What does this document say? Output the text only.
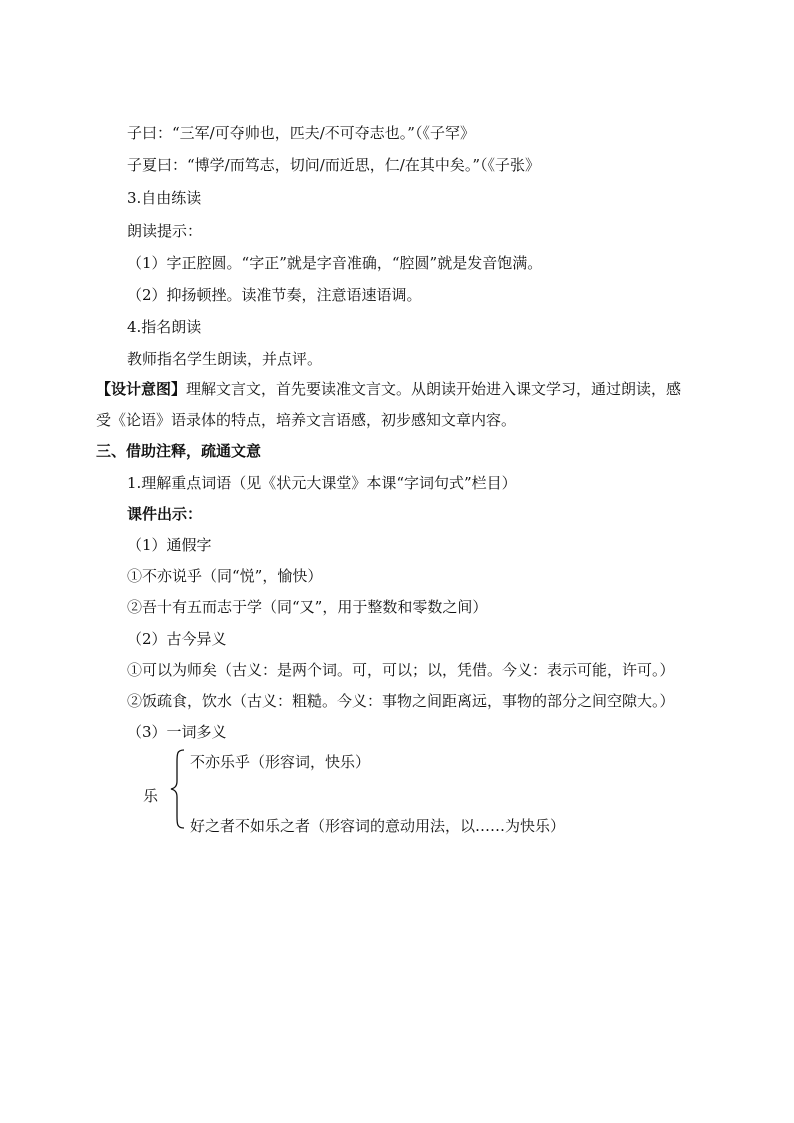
子曰：“三军/可夺帅也，匹夫/不可夺志也。”（《子罕》
子夏曰：“博学/而笃志，切问/而近思，仁/在其中矣。”（《子张》
3.自由练读
朗读提示：
（1）字正腔圆。“字正”就是字音准确，“腔圆”就是发音饱满。
（2）抑扬顿挫。读准节奏，注意语速语调。
4.指名朗读
教师指名学生朗读，并点评。
【设计意图】理解文言文，首先要读准文言文。从朗读开始进入课文学习，通过朗读，感
受《论语》语录体的特点，培养文言语感，初步感知文章内容。
三、借助注释，疏通文意
1.理解重点词语（见《状元大课堂》本课“字词句式”栏目）
课件出示：
（1）通假字
①不亦说乎（同“悦”，愉快）
②吾十有五而志于学（同“又”，用于整数和零数之间）
（2）古今异义
①可以为师矣（古义：是两个词。可，可以；以，凭借。今义：表示可能，许可。）
②饭疏食，饮水（古义：粗糙。今义：事物之间距离远，事物的部分之间空隙大。）
（3）一词多义
乐
不亦乐乎（形容词，快乐）
好之者不如乐之者（形容词的意动用法，以……为快乐）
